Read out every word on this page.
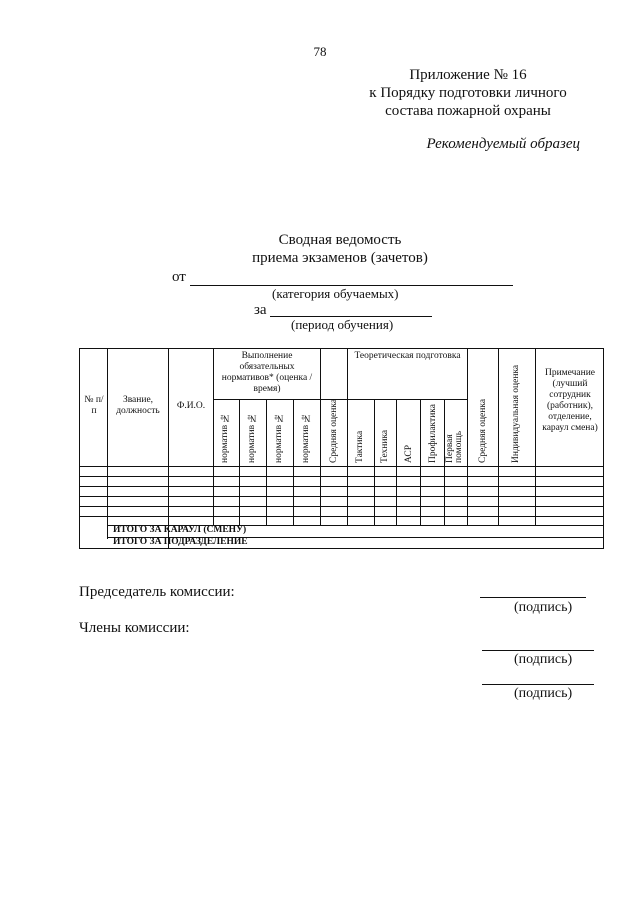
78
Приложение № 16
к Порядку подготовки личного
состава пожарной охраны
Рекомендуемый образец
Сводная ведомость
приема экзаменов (зачетов)
от
(категория обучаемых)
за
(период обучения)
№ п/п
Звание, должность	Ф.И.О.
Выполнение обязательных нормативов* (оценка /время)
норматив № норматив № норматив № норматив № Средняя оценка
Теоретическая подготовка
Тактика Техника АСР Профилактика Первая помощь Средняя оценка Индивидуальная оценка	Примечание (лучший сотрудник (работник), отделение, караул смена)
ИТОГО ЗА КАРАУЛ (СМЕНУ)
ИТОГО ЗА ПОДРАЗДЕЛЕНИЕ
Председатель комиссии:
(подпись)
Члены комиссии:
(подпись)
(подпись)
